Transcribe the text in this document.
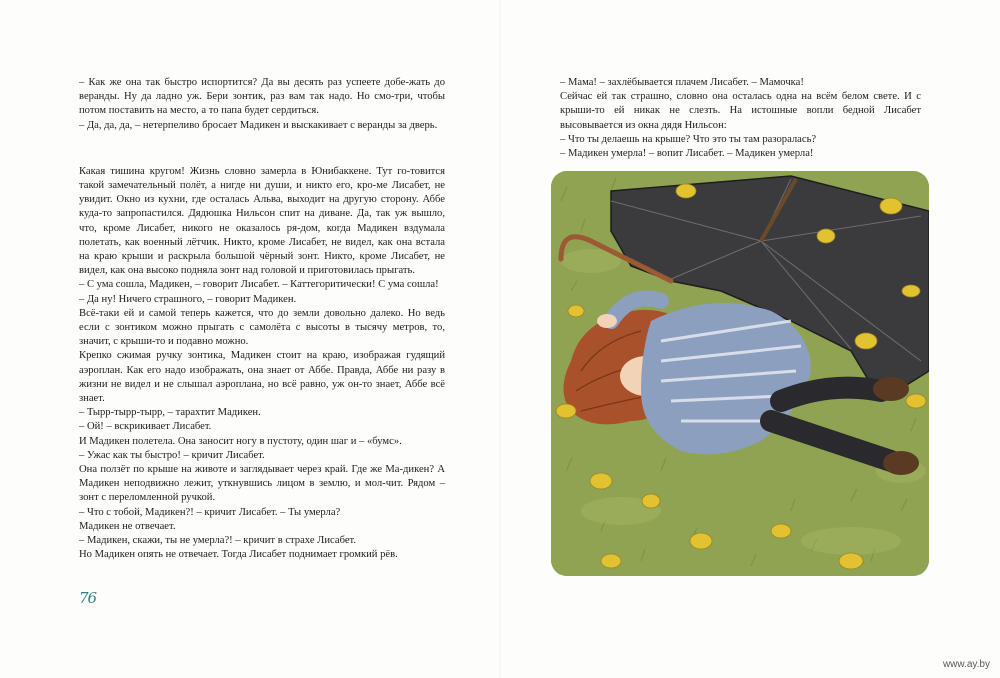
– Как же она так быстро испортится? Да вы десять раз успеете добе-жать до веранды. Ну да ладно уж. Бери зонтик, раз вам так надо. Но смо-три, чтобы потом поставить на место, а то папа будет сердиться.

– Да, да, да, – нетерпеливо бросает Мадикен и выскакивает с веранды за дверь.

Какая тишина кругом! Жизнь словно замерла в Юнибаккене. Тут го-товится такой замечательный полёт, а нигде ни души, и никто его, кро-ме Лисабет, не увидит. Окно из кухни, где осталась Альва, выходит на другую сторону. Аббе куда-то запропастился. Дядюшка Нильсон спит на диване. Да, так уж вышло, что, кроме Лисабет, никого не оказалось ря-дом, когда Мадикен вздумала полетать, как военный лётчик. Никто, кроме Лисабет, не видел, как она встала на краю крыши и раскрыла большой чёрный зонт. Никто, кроме Лисабет, не видел, как она высоко подняла зонт над головой и приготовилась прыгать.

– С ума сошла, Мадикен, – говорит Лисабет. – Каттегоритически! С ума сошла!

– Да ну! Ничего страшного, – говорит Мадикен.

Всё-таки ей и самой теперь кажется, что до земли довольно далеко. Но ведь если с зонтиком можно прыгать с самолёта с высоты в тысячу метров, то, значит, с крыши-то и подавно можно.

Крепко сжимая ручку зонтика, Мадикен стоит на краю, изображая гудящий аэроплан. Как его надо изображать, она знает от Аббе. Правда, Аббе ни разу в жизни не видел и не слышал аэроплана, но всё равно, уж он-то знает, Аббе всё знает.

– Тырр-тырр-тырр, – тарахтит Мадикен.

– Ой! – вскрикивает Лисабет.

И Мадикен полетела. Она заносит ногу в пустоту, один шаг и – «бумс».

– Ужас как ты быстро! – кричит Лисабет.

Она ползёт по крыше на животе и заглядывает через край. Где же Ма-дикен? А Мадикен неподвижно лежит, уткнувшись лицом в землю, и мол-чит. Рядом – зонт с переломленной ручкой.

– Что с тобой, Мадикен?! – кричит Лисабет. – Ты умерла?

Мадикен не отвечает.

– Мадикен, скажи, ты не умерла?! – кричит в страхе Лисабет.

Но Мадикен опять не отвечает. Тогда Лисабет поднимает громкий рёв.

76

– Мама! – захлёбывается плачем Лисабет. – Мамочка!

Сейчас ей так страшно, словно она осталась одна на всём белом свете. И с крыши-то ей никак не слезть. На истошные вопли бедной Лисабет высовывается из окна дядя Нильсон:

– Что ты делаешь на крыше? Что это ты там разоралась?

– Мадикен умерла! – вопит Лисабет. – Мадикен умерла!

www.ay.by
